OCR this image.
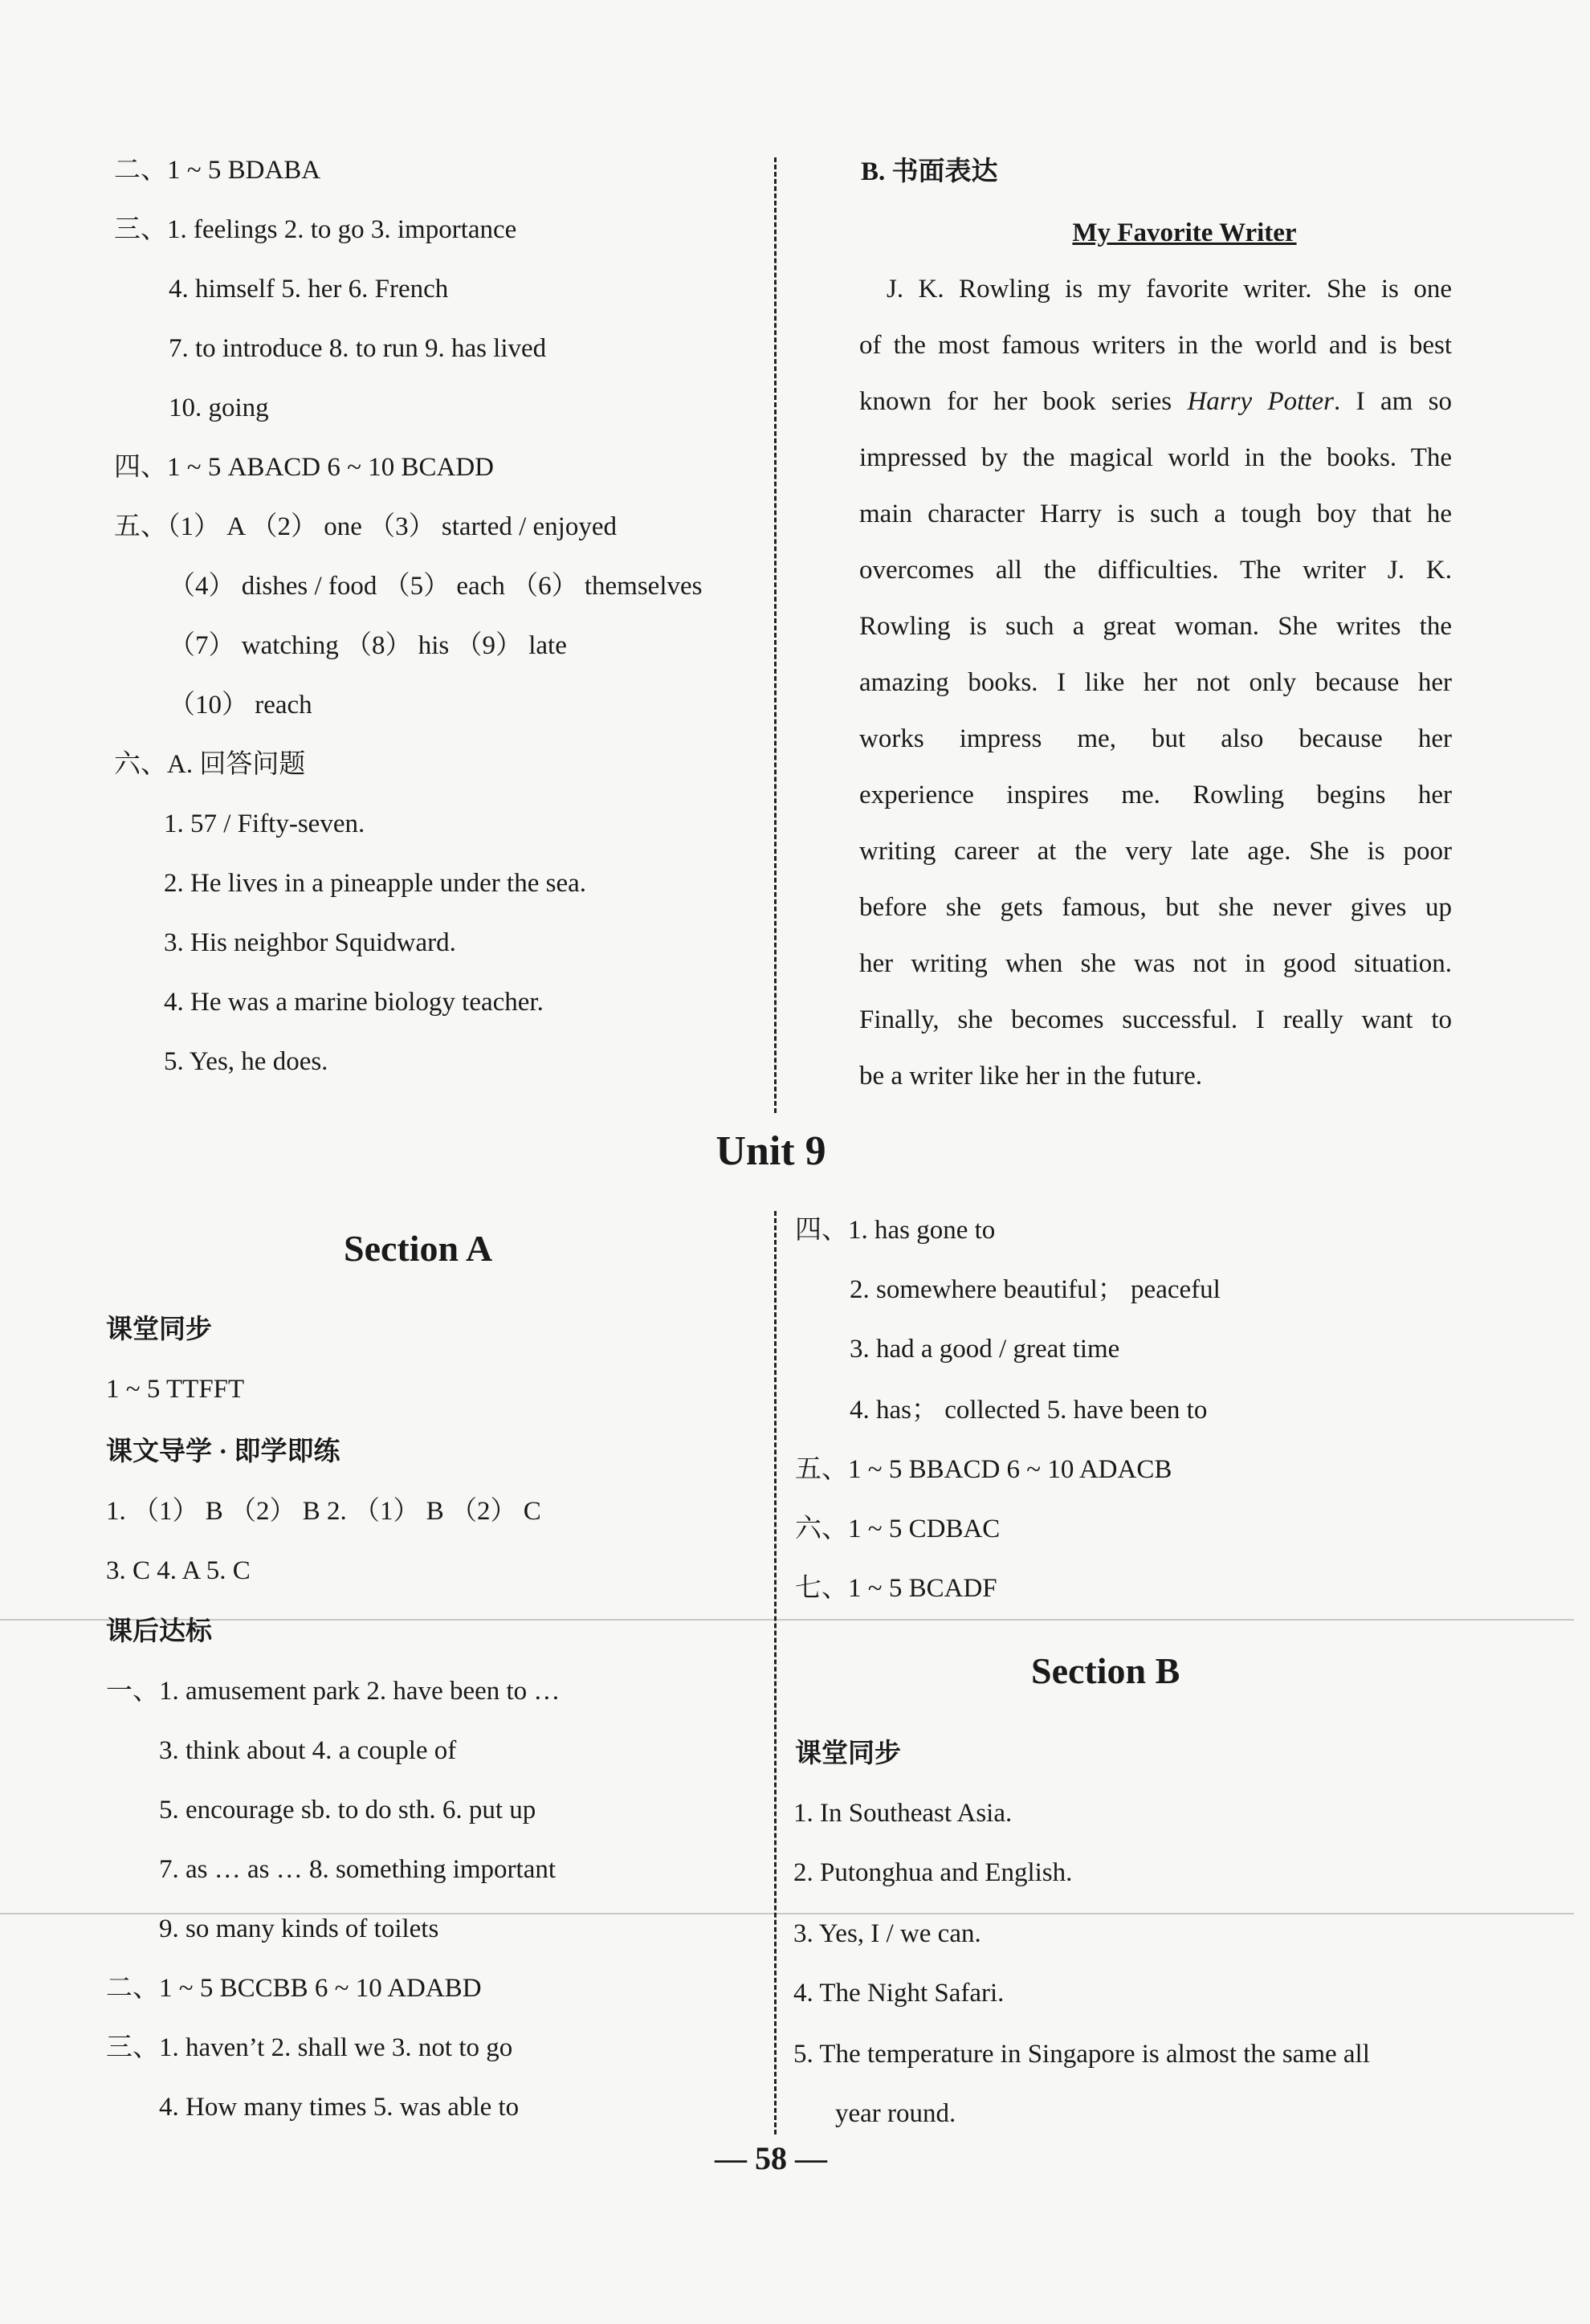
二、1 ~ 5 BDABA
三、1. feelings 2. to go 3. importance
4. himself 5. her 6. French
7. to introduce 8. to run 9. has lived
10. going
四、1 ~ 5 ABACD 6 ~ 10 BCADD
五、（1） A （2） one （3） started / enjoyed
（4） dishes / food （5） each （6） themselves
（7） watching （8） his （9） late
（10） reach
六、A. 回答问题
1. 57 / Fifty-seven.
2. He lives in a pineapple under the sea.
3. His neighbor Squidward.
4. He was a marine biology teacher.
5. Yes, he does.
B. 书面表达
My Favorite Writer
J. K. Rowling is my favorite writer. She is one
of the most famous writers in the world and is best
known for her book series Harry Potter. I am so
impressed by the magical world in the books. The
main character Harry is such a tough boy that he
overcomes all the difficulties. The writer J. K.
Rowling is such a great woman. She writes the
amazing books. I like her not only because her
works impress me, but also because her
experience inspires me. Rowling begins her
writing career at the very late age. She is poor
before she gets famous, but she never gives up
her writing when she was not in good situation.
Finally, she becomes successful. I really want to
be a writer like her in the future.
Unit 9
Section A
课堂同步
1 ~ 5 TTFFT
课文导学 · 即学即练
1. （1） B （2） B 2. （1） B （2） C
3. C 4. A 5. C
课后达标
一、1. amusement park 2. have been to …
3. think about 4. a couple of
5. encourage sb. to do sth. 6. put up
7. as … as … 8. something important
9. so many kinds of toilets
二、1 ~ 5 BCCBB 6 ~ 10 ADABD
三、1. haven’t 2. shall we 3. not to go
4. How many times 5. was able to
四、1. has gone to
2. somewhere beautiful； peaceful
3. had a good / great time
4. has； collected 5. have been to
五、1 ~ 5 BBACD 6 ~ 10 ADACB
六、1 ~ 5 CDBAC
七、1 ~ 5 BCADF
Section B
课堂同步
1. In Southeast Asia.
2. Putonghua and English.
3. Yes, I / we can.
4. The Night Safari.
5. The temperature in Singapore is almost the same all
year round.
— 58 —
